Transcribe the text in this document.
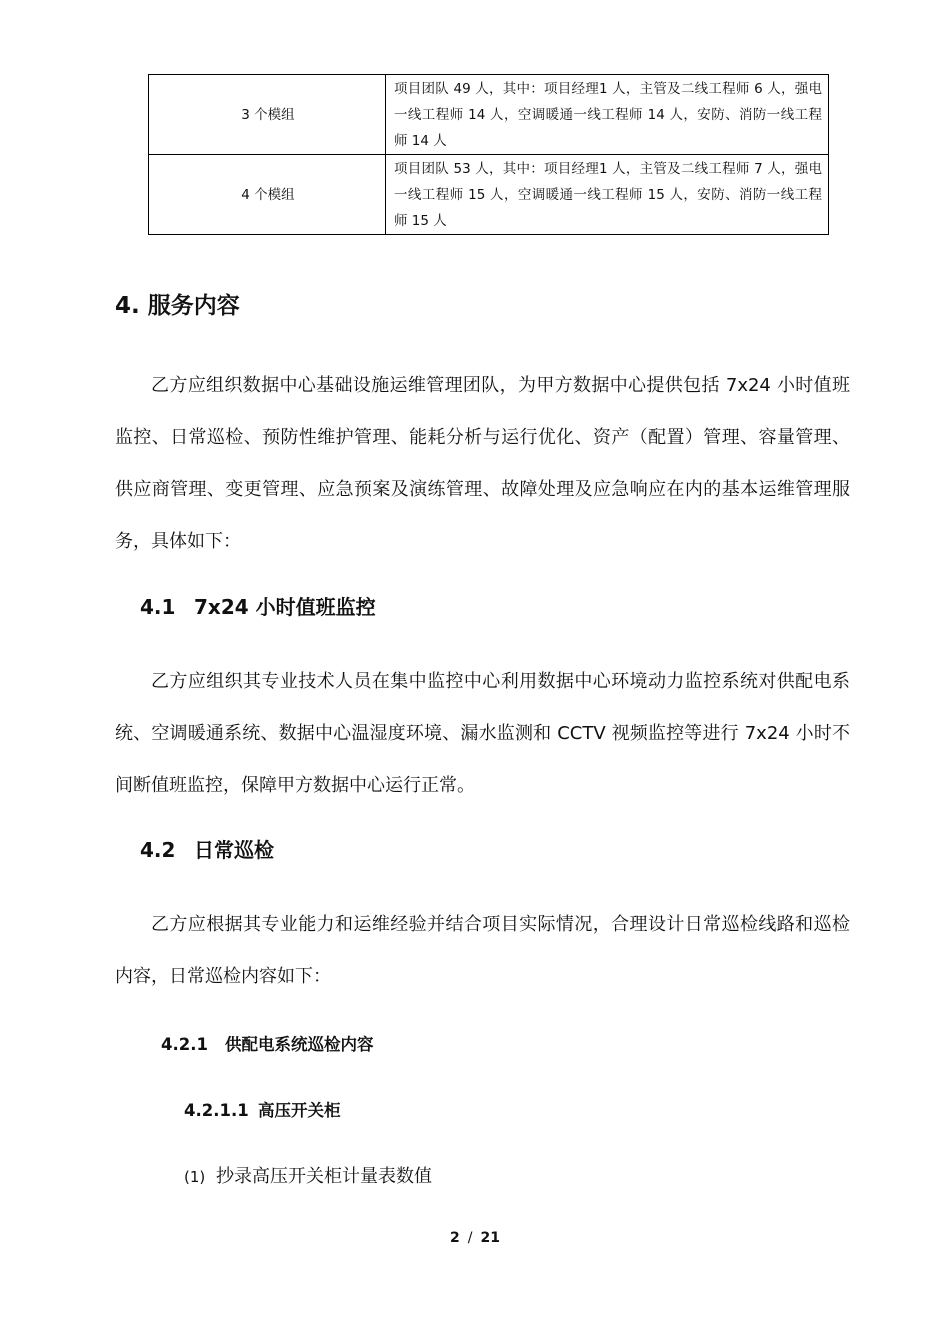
3 个模组	项目团队 49 人，其中：项目经理1 人，主管及二线工程师 6 人，强电一线工程师 14 人，空调暖通一线工程师 14 人，安防、消防一线工程师 14 人
4 个模组	项目团队 53 人，其中：项目经理1 人，主管及二线工程师 7 人，强电一线工程师 15 人，空调暖通一线工程师 15 人，安防、消防一线工程师 15 人
4. 服务内容

乙方应组织数据中心基础设施运维管理团队，为甲方数据中心提供包括 7x24 小时值班监控、日常巡检、预防性维护管理、能耗分析与运行优化、资产（配置）管理、容量管理、供应商管理、变更管理、应急预案及演练管理、故障处理及应急响应在内的基本运维管理服务，具体如下：

4.1 7x24 小时值班监控

乙方应组织其专业技术人员在集中监控中心利用数据中心环境动力监控系统对供配电系统、空调暖通系统、数据中心温湿度环境、漏水监测和 CCTV 视频监控等进行 7x24 小时不间断值班监控，保障甲方数据中心运行正常。

4.2 日常巡检

乙方应根据其专业能力和运维经验并结合项目实际情况，合理设计日常巡检线路和巡检内容，日常巡检内容如下：

4.2.1 供配电系统巡检内容
4.2.1.1 高压开关柜
(1) 抄录高压开关柜计量表数值
2 / 21
